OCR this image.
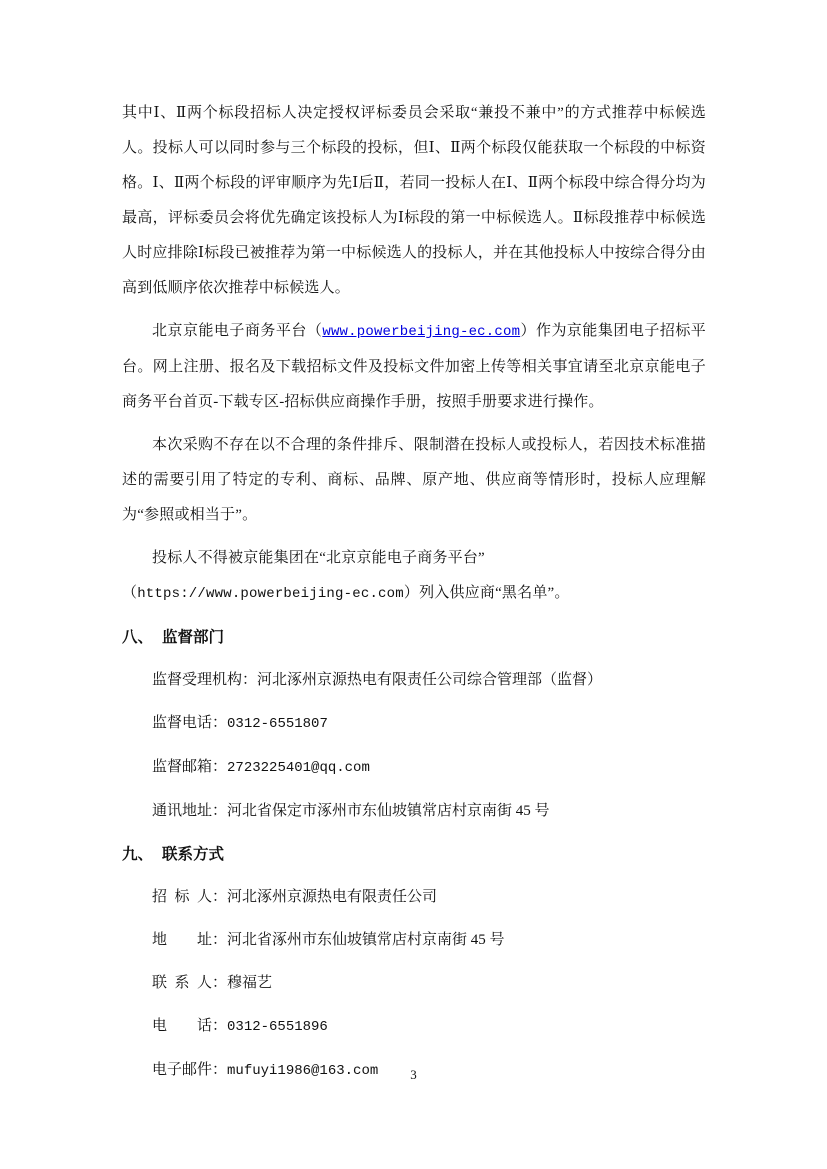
其中Ⅰ、Ⅱ两个标段招标人决定授权评标委员会采取“兼投不兼中”的方式推荐中标候选人。投标人可以同时参与三个标段的投标，但Ⅰ、Ⅱ两个标段仅能获取一个标段的中标资格。Ⅰ、Ⅱ两个标段的评审顺序为先Ⅰ后Ⅱ，若同一投标人在Ⅰ、Ⅱ两个标段中综合得分均为最高，评标委员会将优先确定该投标人为Ⅰ标段的第一中标候选人。Ⅱ标段推荐中标候选人时应排除Ⅰ标段已被推荐为第一中标候选人的投标人，并在其他投标人中按综合得分由高到低顺序依次推荐中标候选人。

北京京能电子商务平台（www.powerbeijing-ec.com）作为京能集团电子招标平台。网上注册、报名及下载招标文件及投标文件加密上传等相关事宜请至北京京能电子商务平台首页-下载专区-招标供应商操作手册，按照手册要求进行操作。

本次采购不存在以不合理的条件排斥、限制潜在投标人或投标人，若因技术标准描述的需要引用了特定的专利、商标、品牌、原产地、供应商等情形时，投标人应理解为“参照或相当于”。

投标人不得被京能集团在“北京京能电子商务平台”
（https://www.powerbeijing-ec.com）列入供应商“黑名单”。

八、 监督部门

监督受理机构：河北涿州京源热电有限责任公司综合管理部（监督）

监督电话：0312-6551807

监督邮箱：2723225401@qq.com

通讯地址：河北省保定市涿州市东仙坡镇常店村京南街 45 号

九、 联系方式

招标人：河北涿州京源热电有限责任公司

地址：河北省涿州市东仙坡镇常店村京南街 45 号

联系人：穆福艺

电话：0312-6551896

电子邮件：mufuyi1986@163.com	3
